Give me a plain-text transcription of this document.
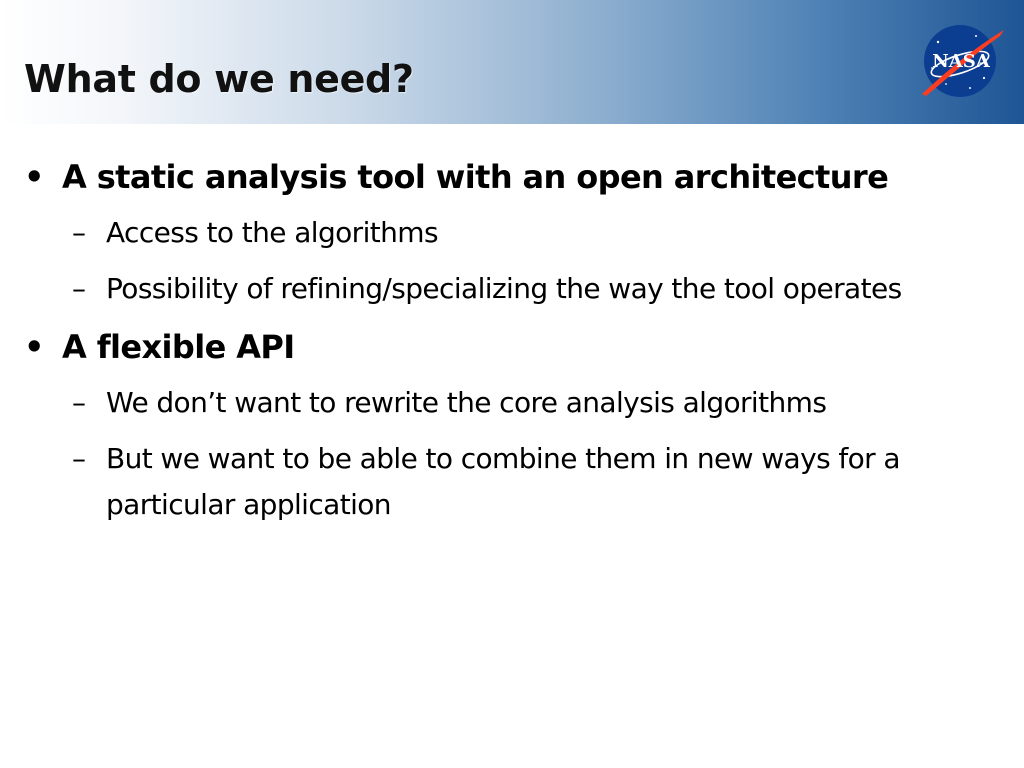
What do we need?	NASA

• A static analysis tool with an open architecture

– Access to the algorithms

– Possibility of refining/specializing the way the tool operates

• A flexible API

– We don’t want to rewrite the core analysis algorithms

– But we want to be able to combine them in new ways for a particular application
